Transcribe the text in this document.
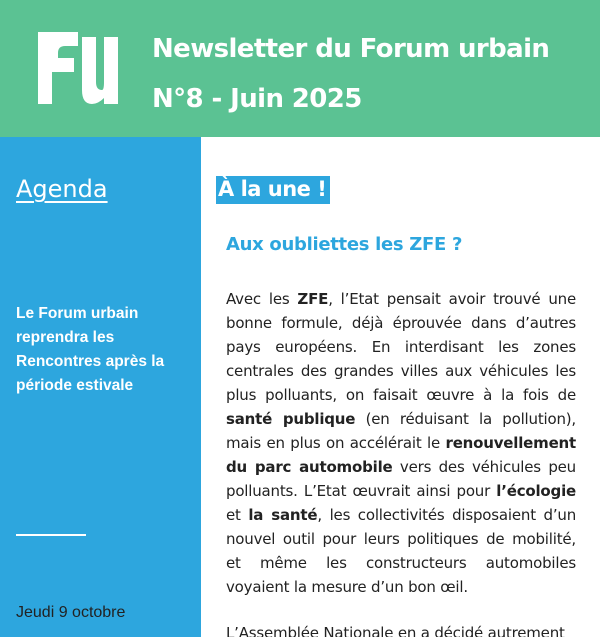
Newsletter du Forum urbain N°8 - Juin 2025
Agenda
Le Forum urbain reprendra les Rencontres après la période estivale
Jeudi 9 octobre
À la une !
Aux oubliettes les ZFE ?

Avec les ZFE, l’Etat pensait avoir trouvé une bonne formule, déjà éprouvée dans d’autres pays européens. En interdisant les zones centrales des grandes villes aux véhicules les plus polluants, on faisait œuvre à la fois de santé publique (en réduisant la pollution), mais en plus on accélérait le renouvellement du parc automobile vers des véhicules peu polluants. L’Etat œuvrait ainsi pour l’écologie et la santé, les collectivités disposaient d’un nouvel outil pour leurs politiques de mobilité, et même les constructeurs automobiles voyaient la mesure d’un bon œil.

L’Assemblée Nationale en a décidé autrement
